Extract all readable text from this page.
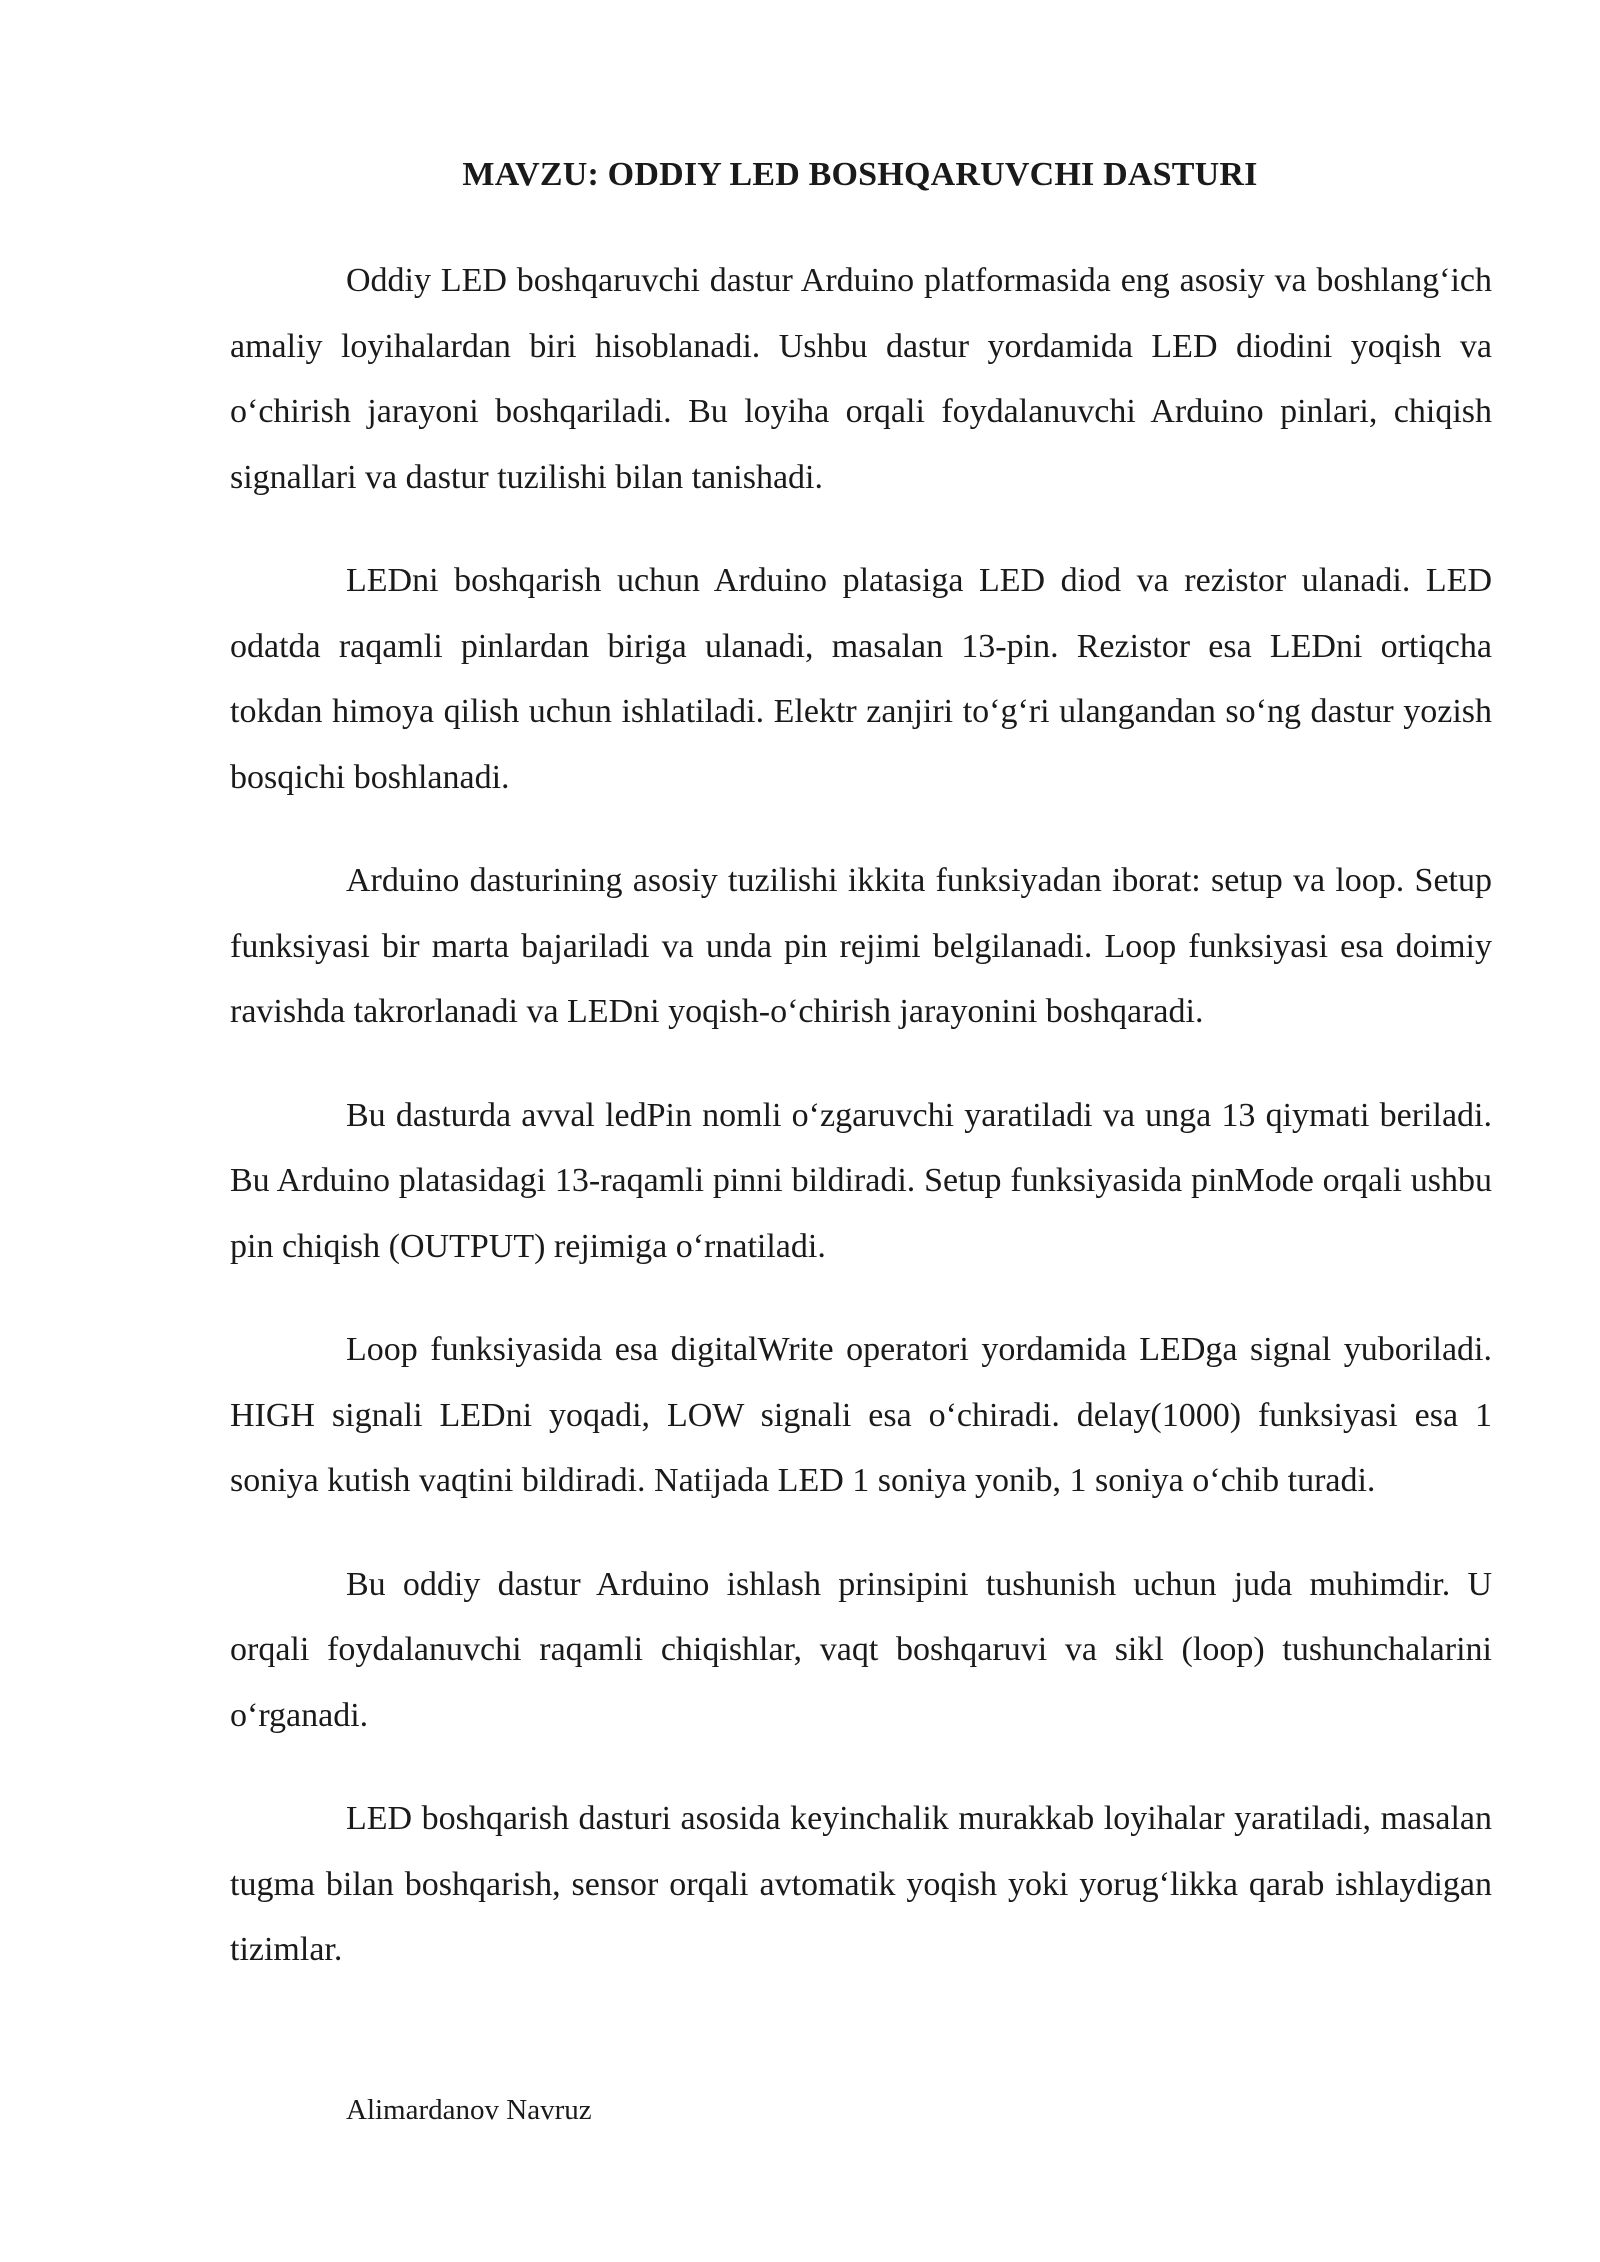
MAVZU: ODDIY LED BOSHQARUVCHI DASTURI

Oddiy LED boshqaruvchi dastur Arduino platformasida eng asosiy va boshlang‘ich amaliy loyihalardan biri hisoblanadi. Ushbu dastur yordamida LED diodini yoqish va o‘chirish jarayoni boshqariladi. Bu loyiha orqali foydalanuvchi Arduino pinlari, chiqish signallari va dastur tuzilishi bilan tanishadi.

LEDni boshqarish uchun Arduino platasiga LED diod va rezistor ulanadi. LED odatda raqamli pinlardan biriga ulanadi, masalan 13-pin. Rezistor esa LEDni ortiqcha tokdan himoya qilish uchun ishlatiladi. Elektr zanjiri to‘g‘ri ulangandan so‘ng dastur yozish bosqichi boshlanadi.

Arduino dasturining asosiy tuzilishi ikkita funksiyadan iborat: setup va loop. Setup funksiyasi bir marta bajariladi va unda pin rejimi belgilanadi. Loop funksiyasi esa doimiy ravishda takrorlanadi va LEDni yoqish-o‘chirish jarayonini boshqaradi.

Bu dasturda avval ledPin nomli o‘zgaruvchi yaratiladi va unga 13 qiymati beriladi. Bu Arduino platasidagi 13-raqamli pinni bildiradi. Setup funksiyasida pinMode orqali ushbu pin chiqish (OUTPUT) rejimiga o‘rnatiladi.

Loop funksiyasida esa digitalWrite operatori yordamida LEDga signal yuboriladi. HIGH signali LEDni yoqadi, LOW signali esa o‘chiradi. delay(1000) funksiyasi esa 1 soniya kutish vaqtini bildiradi. Natijada LED 1 soniya yonib, 1 soniya o‘chib turadi.

Bu oddiy dastur Arduino ishlash prinsipini tushunish uchun juda muhimdir. U orqali foydalanuvchi raqamli chiqishlar, vaqt boshqaruvi va sikl (loop) tushunchalarini o‘rganadi.

LED boshqarish dasturi asosida keyinchalik murakkab loyihalar yaratiladi, masalan tugma bilan boshqarish, sensor orqali avtomatik yoqish yoki yorug‘likka qarab ishlaydigan tizimlar.

Alimardanov Navruz
